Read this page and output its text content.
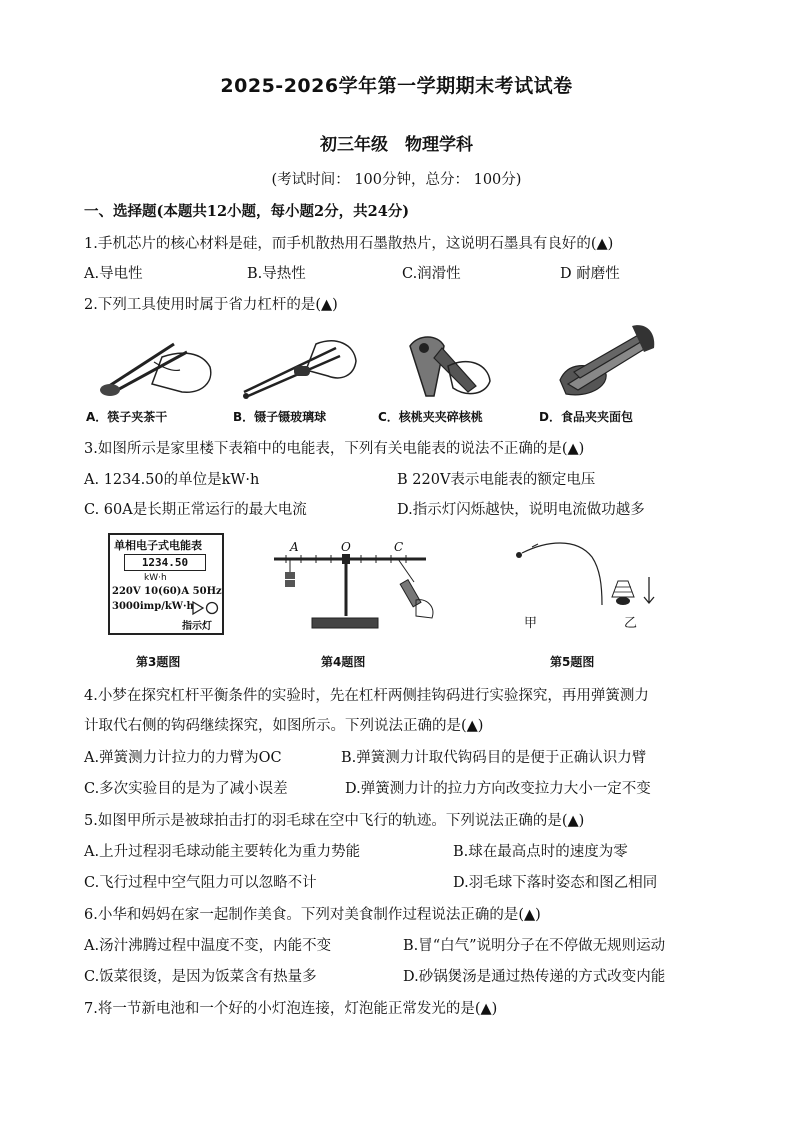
2025-2026学年第一学期期末考试试卷
初三年级　物理学科
(考试时间： 100分钟，总分： 100分)
一、选择题(本题共12小题，每小题2分，共24分)
1.手机芯片的核心材料是硅，而手机散热用石墨散热片，这说明石墨具有良好的(▲)
A.导电性	B.导热性	C.润滑性	D 耐磨性
2.下列工具使用时属于省力杠杆的是(▲)
A．筷子夹茶干	B．镊子镊玻璃球	C．核桃夹夹碎核桃	D．食品夹夹面包
3.如图所示是家里楼下表箱中的电能表，下列有关电能表的说法不正确的是(▲)
A. 1234.50的单位是kW·h	B 220V表示电能表的额定电压
C. 60A是长期正常运行的最大电流	D.指示灯闪烁越快，说明电流做功越多
单相电子式电能表
1234.50
kW·h
220V 10(60)A 50Hz
3000imp/kW·h
指示灯
A	O	C
甲	乙
第3题图	第4题图	第5题图
4.小梦在探究杠杆平衡条件的实验时，先在杠杆两侧挂钩码进行实验探究，再用弹簧测力
计取代右侧的钩码继续探究，如图所示。下列说法正确的是(▲)
A.弹簧测力计拉力的力臂为OC	B.弹簧测力计取代钩码目的是便于正确认识力臂
C.多次实验目的是为了减小误差	D.弹簧测力计的拉力方向改变拉力大小一定不变
5.如图甲所示是被球拍击打的羽毛球在空中飞行的轨迹。下列说法正确的是(▲)
A.上升过程羽毛球动能主要转化为重力势能	B.球在最高点时的速度为零
C.飞行过程中空气阻力可以忽略不计	D.羽毛球下落时姿态和图乙相同
6.小华和妈妈在家一起制作美食。下列对美食制作过程说法正确的是(▲)
A.汤汁沸腾过程中温度不变，内能不变	B.冒“白气”说明分子在不停做无规则运动
C.饭菜很烫，是因为饭菜含有热量多	D.砂锅煲汤是通过热传递的方式改变内能
7.将一节新电池和一个好的小灯泡连接，灯泡能正常发光的是(▲)
